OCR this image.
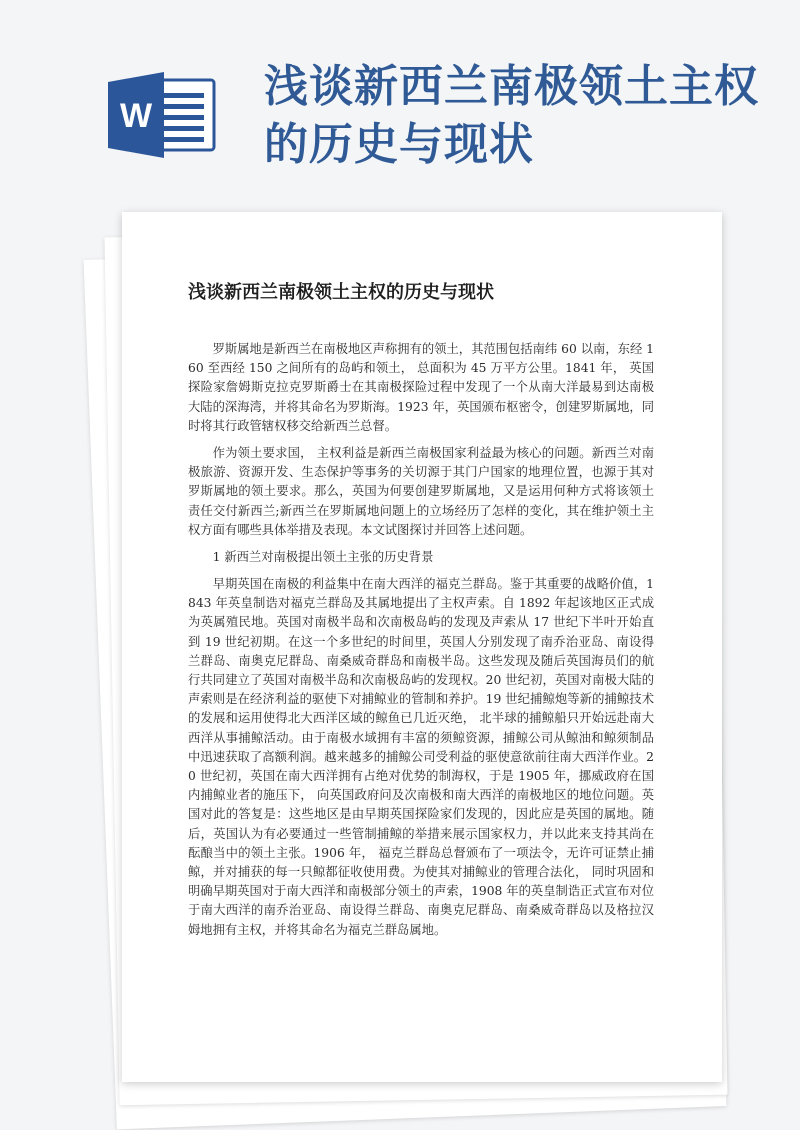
W
浅谈新西兰南极领土主权的历史与现状
浅谈新西兰南极领土主权的历史与现状

罗斯属地是新西兰在南极地区声称拥有的领土，其范围包括南纬 60 以南，东经 160 至西经 150 之间所有的岛屿和领土， 总面积为 45 万平方公里。1841 年， 英国探险家詹姆斯克拉克罗斯爵士在其南极探险过程中发现了一个从南大洋最易到达南极大陆的深海湾，并将其命名为罗斯海。1923 年，英国颁布枢密令，创建罗斯属地，同时将其行政管辖权移交给新西兰总督。

作为领土要求国， 主权利益是新西兰南极国家利益最为核心的问题。新西兰对南极旅游、资源开发、生态保护等事务的关切源于其门户国家的地理位置，也源于其对罗斯属地的领土要求。那么，英国为何要创建罗斯属地，又是运用何种方式将该领土责任交付新西兰;新西兰在罗斯属地问题上的立场经历了怎样的变化，其在维护领土主权方面有哪些具体举措及表现。本文试图探讨并回答上述问题。

1 新西兰对南极提出领土主张的历史背景

早期英国在南极的利益集中在南大西洋的福克兰群岛。鉴于其重要的战略价值，1843 年英皇制诰对福克兰群岛及其属地提出了主权声索。自 1892 年起该地区正式成为英属殖民地。英国对南极半岛和次南极岛屿的发现及声索从 17 世纪下半叶开始直到 19 世纪初期。在这一个多世纪的时间里，英国人分别发现了南乔治亚岛、南设得兰群岛、南奥克尼群岛、南桑威奇群岛和南极半岛。这些发现及随后英国海员们的航行共同建立了英国对南极半岛和次南极岛屿的发现权。20 世纪初，英国对南极大陆的声索则是在经济利益的驱使下对捕鲸业的管制和养护。19 世纪捕鲸炮等新的捕鲸技术的发展和运用使得北大西洋区域的鲸鱼已几近灭绝， 北半球的捕鲸船只开始远赴南大西洋从事捕鲸活动。由于南极水域拥有丰富的须鲸资源，捕鲸公司从鲸油和鲸须制品中迅速获取了高额利润。越来越多的捕鲸公司受利益的驱使意欲前往南大西洋作业。20 世纪初，英国在南大西洋拥有占绝对优势的制海权，于是 1905 年，挪威政府在国内捕鲸业者的施压下， 向英国政府问及次南极和南大西洋的南极地区的地位问题。英国对此的答复是：这些地区是由早期英国探险家们发现的，因此应是英国的属地。随后，英国认为有必要通过一些管制捕鲸的举措来展示国家权力，并以此来支持其尚在酝酿当中的领土主张。1906 年， 福克兰群岛总督颁布了一项法令，无许可证禁止捕鲸，并对捕获的每一只鲸都征收使用费。为使其对捕鲸业的管理合法化， 同时巩固和明确早期英国对于南大西洋和南极部分领土的声索，1908 年的英皇制诰正式宣布对位于南大西洋的南乔治亚岛、南设得兰群岛、南奥克尼群岛、南桑威奇群岛以及格拉汉姆地拥有主权，并将其命名为福克兰群岛属地。
